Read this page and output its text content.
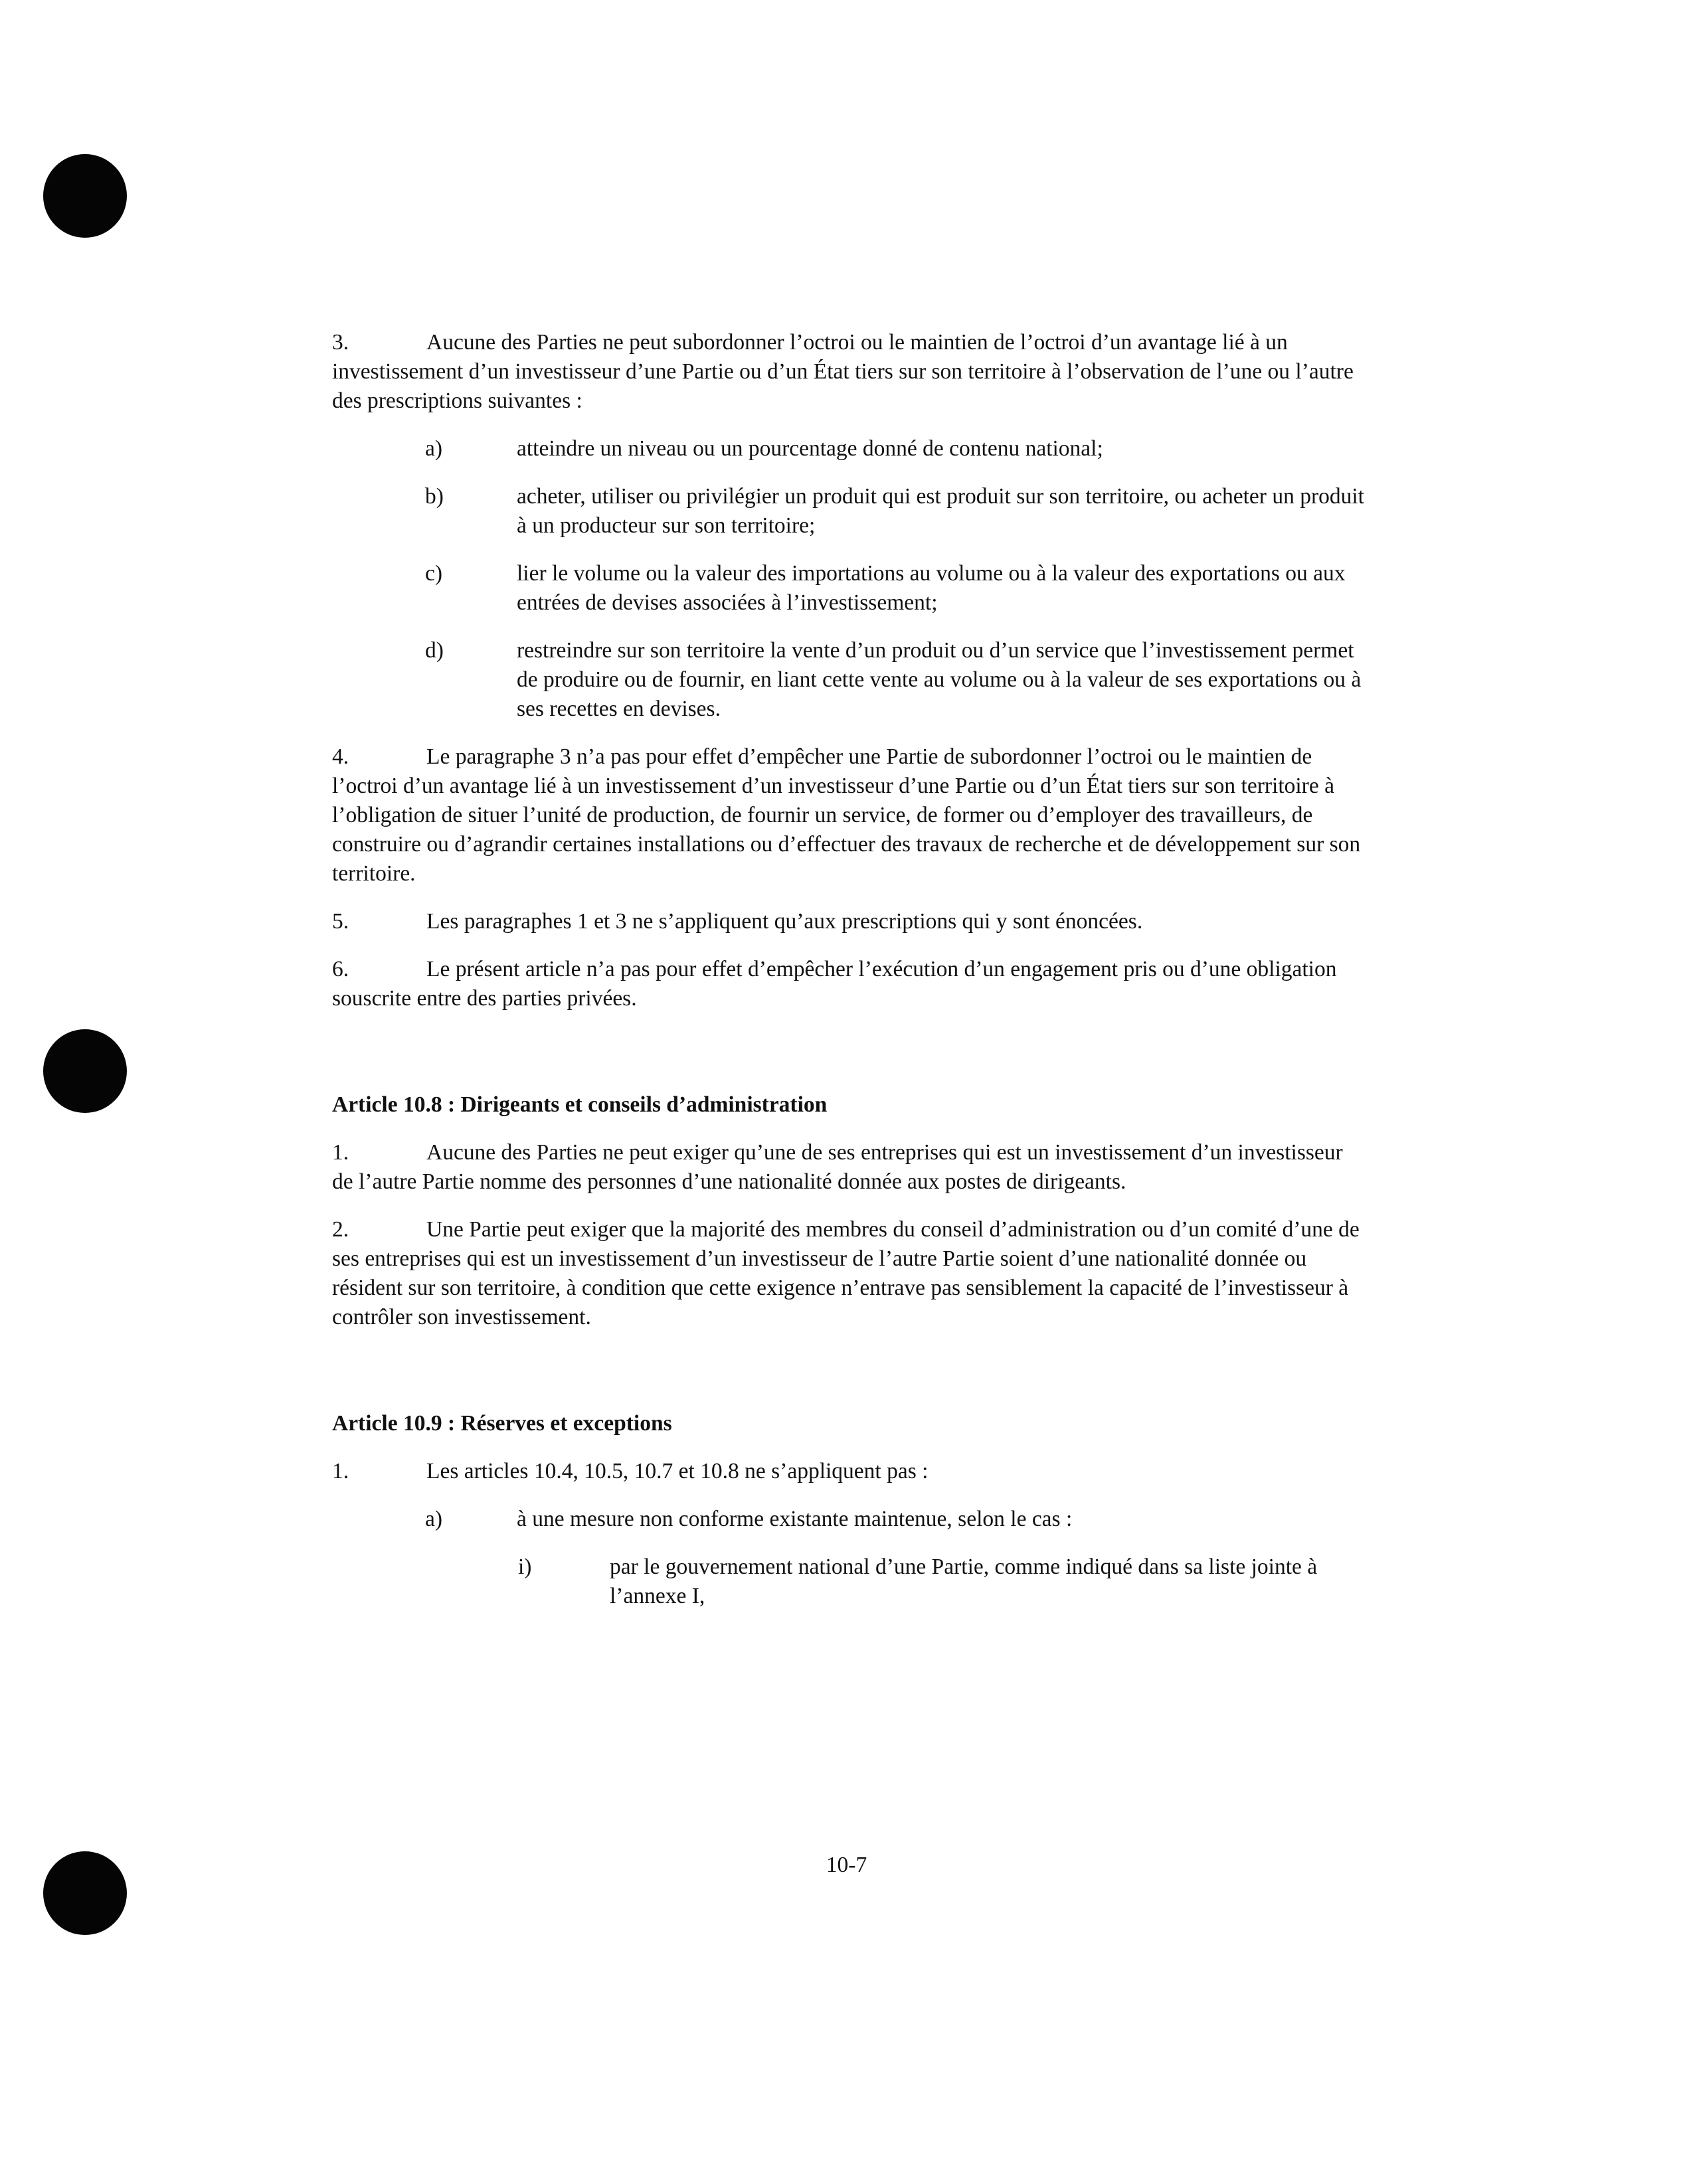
3.	Aucune des Parties ne peut subordonner l’octroi ou le maintien de l’octroi d’un avantage lié à un investissement d’un investisseur d’une Partie ou d’un État tiers sur son territoire à l’observation de l’une ou l’autre des prescriptions suivantes :

a)	atteindre un niveau ou un pourcentage donné de contenu national;
b)	acheter, utiliser ou privilégier un produit qui est produit sur son territoire, ou acheter un produit à un producteur sur son territoire;
c)	lier le volume ou la valeur des importations au volume ou à la valeur des exportations ou aux entrées de devises associées à l’investissement;
d)	restreindre sur son territoire la vente d’un produit ou d’un service que l’investissement permet de produire ou de fournir, en liant cette vente au volume ou à la valeur de ses exportations ou à ses recettes en devises.

4.	Le paragraphe 3 n’a pas pour effet d’empêcher une Partie de subordonner l’octroi ou le maintien de l’octroi d’un avantage lié à un investissement d’un investisseur d’une Partie ou d’un État tiers sur son territoire à l’obligation de situer l’unité de production, de fournir un service, de former ou d’employer des travailleurs, de construire ou d’agrandir certaines installations ou d’effectuer des travaux de recherche et de développement sur son territoire.

5.	Les paragraphes 1 et 3 ne s’appliquent qu’aux prescriptions qui y sont énoncées.

6.	Le présent article n’a pas pour effet d’empêcher l’exécution d’un engagement pris ou d’une obligation souscrite entre des parties privées.

Article 10.8 : Dirigeants et conseils d’administration

1.	Aucune des Parties ne peut exiger qu’une de ses entreprises qui est un investissement d’un investisseur de l’autre Partie nomme des personnes d’une nationalité donnée aux postes de dirigeants.

2.	Une Partie peut exiger que la majorité des membres du conseil d’administration ou d’un comité d’une de ses entreprises qui est un investissement d’un investisseur de l’autre Partie soient d’une nationalité donnée ou résident sur son territoire, à condition que cette exigence n’entrave pas sensiblement la capacité de l’investisseur à contrôler son investissement.

Article 10.9 : Réserves et exceptions

1.	Les articles 10.4, 10.5, 10.7 et 10.8 ne s’appliquent pas :

a)	à une mesure non conforme existante maintenue, selon le cas :
i)	par le gouvernement national d’une Partie, comme indiqué dans sa liste jointe à l’annexe I,
10-7
